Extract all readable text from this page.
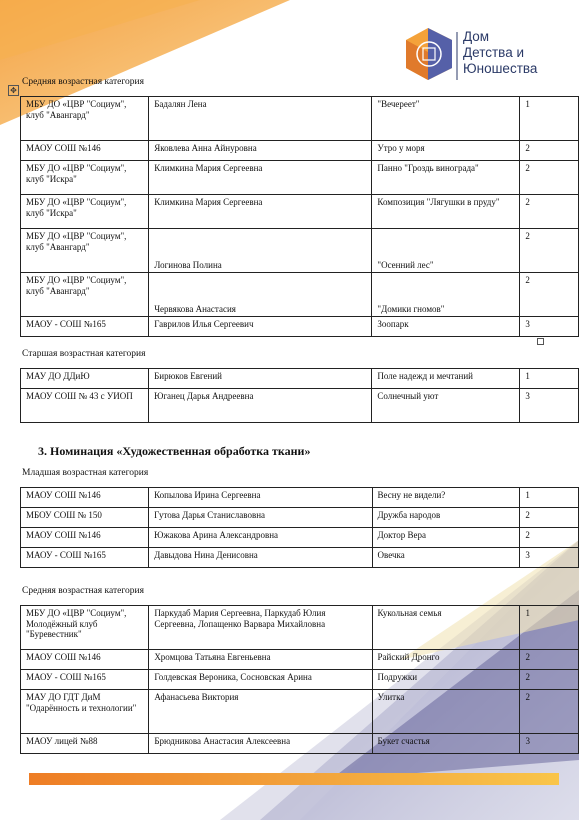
Дом
Детства и
Юношества
Средняя возрастная категория
✥
МБУ ДО «ЦВР "Социум", клуб "Авангард"	Бадалян Лена	"Вечереет"	1
МАОУ СОШ №146	Яковлева Анна Айнуровна	Утро у моря	2
МБУ ДО «ЦВР "Социум", клуб "Искра"	Климкина Мария Сергеевна	Панно "Гроздь винограда"	2
МБУ ДО «ЦВР "Социум", клуб "Искра"	Климкина Мария Сергеевна	Композиция "Лягушки в пруду"	2
МБУ ДО «ЦВР "Социум", клуб "Авангард"	Логинова Полина	"Осенний лес"	2
МБУ ДО «ЦВР "Социум", клуб "Авангард"	Червякова Анастасия	"Домики гномов"	2
МАОУ - СОШ №165	Гаврилов Илья Сергеевич	Зоопарк	3
Старшая возрастная категория
МАУ ДО ДДиЮ	Бирюков Евгений	Поле надежд и мечтаний	1
МАОУ СОШ № 43 с УИОП	Юганец Дарья Андреевна	Солнечный уют	3
3. Номинация «Художественная обработка ткани»
Младшая возрастная категория
МАОУ СОШ №146	Копылова Ирина Сергеевна	Весну не видели?	1
МБОУ СОШ № 150	Гутова Дарья Станиславовна	Дружба народов	2
МАОУ СОШ №146	Южакова Арина Александровна	Доктор Вера	2
МАОУ - СОШ №165	Давыдова Нина Денисовна	Овечка	3
Средняя возрастная категория
МБУ ДО «ЦВР "Социум", Молодёжный клуб "Буревестник"	Паркудаб Мария Сергеевна, Паркудаб Юлия Сергеевна, Лопащенко Варвара Михайловна	Кукольная семья	1
МАОУ СОШ №146	Хромцова Татьяна Евгеньевна	Райский Дронго	2
МАОУ - СОШ №165	Голдевская Вероника, Сосновская Арина	Подружки	2
МАУ ДО ГДТ ДиМ "Одарённость и технологии"	Афанасьева Виктория	Улитка	2
МАОУ лицей №88	Брюдникова Анастасия Алексеевна	Букет счастья	3
